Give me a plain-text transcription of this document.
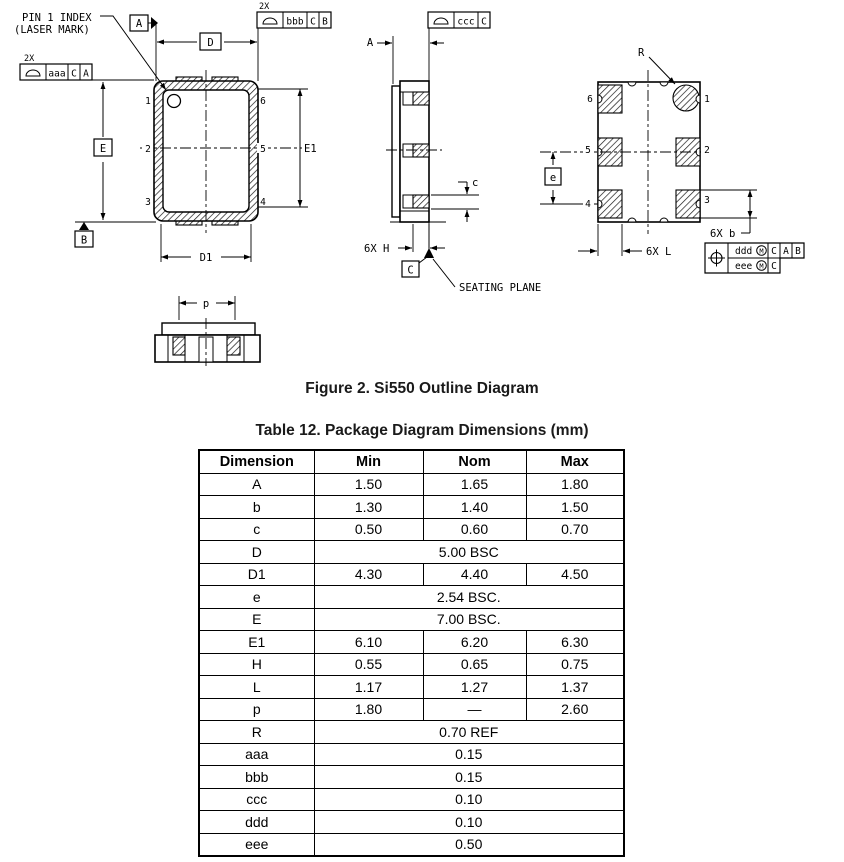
1
2
3
6
5
4
PIN 1 INDEX
(LASER MARK)	A
D
2X
aaa C A
2X
bbb C B	ccc C
E
B
E1
D1
A
c
6X H
C
SEATING PLANE
6
5
4
1
2
3
R
e
6X b
6X L	ddd M C A B
eee M C
p
Figure 2. Si550 Outline Diagram
Table 12. Package Diagram Dimensions (mm)
Dimension	Min	Nom	Max
A	1.50	1.65	1.80
b	1.30	1.40	1.50
c	0.50	0.60	0.70
D	5.00 BSC		
D1	4.30	4.40	4.50
e	2.54 BSC.		
E	7.00 BSC.		
E1	6.10	6.20	6.30
H	0.55	0.65	0.75
L	1.17	1.27	1.37
p	1.80	—	2.60
R	0.70 REF		
aaa	0.15		
bbb	0.15		
ccc	0.10		
ddd	0.10		
eee	0.50		
